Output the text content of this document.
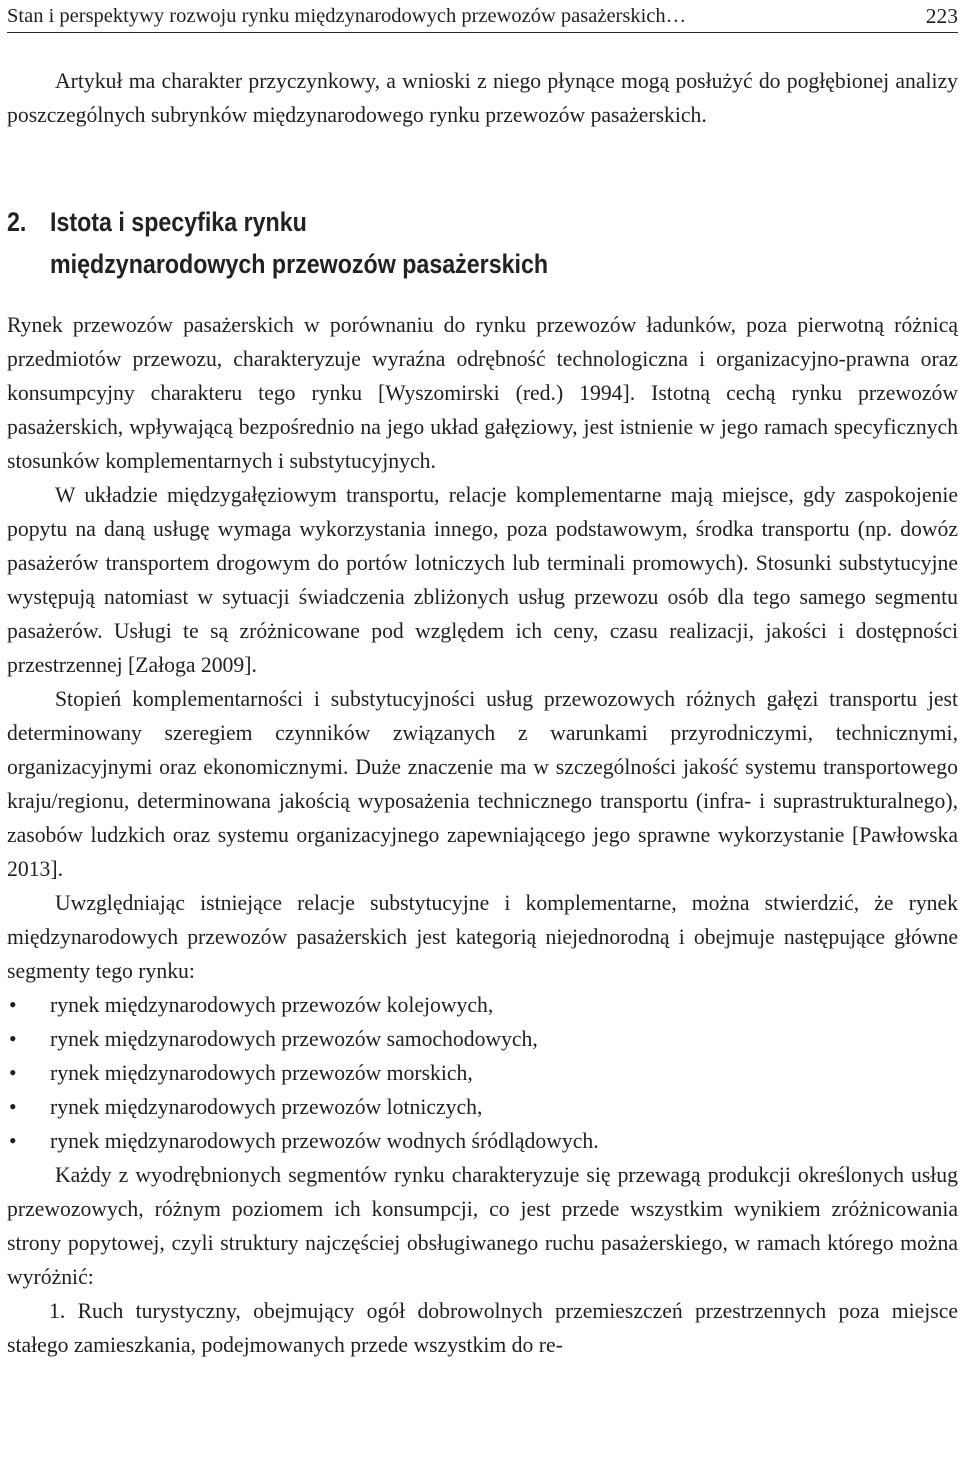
Stan i perspektywy rozwoju rynku międzynarodowych przewozów pasażerskich…	223

Artykuł ma charakter przyczynkowy, a wnioski z niego płynące mogą posłużyć do pogłębionej analizy poszczególnych subrynków międzynarodowego rynku przewozów pasażerskich.

2. Istota i specyfika rynku
międzynarodowych przewozów pasażerskich

Rynek przewozów pasażerskich w porównaniu do rynku przewozów ładunków, poza pierwotną różnicą przedmiotów przewozu, charakteryzuje wyraźna odrębność technologiczna i organizacyjno-prawna oraz konsumpcyjny charakteru tego rynku [Wyszomirski (red.) 1994]. Istotną cechą rynku przewozów pasażerskich, wpływającą bezpośrednio na jego układ gałęziowy, jest istnienie w jego ramach specyficznych stosunków komplementarnych i substytucyjnych.

W układzie międzygałęziowym transportu, relacje komplementarne mają miejsce, gdy zaspokojenie popytu na daną usługę wymaga wykorzystania innego, poza podstawowym, środka transportu (np. dowóz pasażerów transportem drogowym do portów lotniczych lub terminali promowych). Stosunki substytucyjne występują natomiast w sytuacji świadczenia zbliżonych usług przewozu osób dla tego samego segmentu pasażerów. Usługi te są zróżnicowane pod względem ich ceny, czasu realizacji, jakości i dostępności przestrzennej [Załoga 2009].

Stopień komplementarności i substytucyjności usług przewozowych różnych gałęzi transportu jest determinowany szeregiem czynników związanych z warunkami przyrodniczymi, technicznymi, organizacyjnymi oraz ekonomicznymi. Duże znaczenie ma w szczególności jakość systemu transportowego kraju/regionu, determinowana jakością wyposażenia technicznego transportu (infra- i suprastrukturalnego), zasobów ludzkich oraz systemu organizacyjnego zapewniającego jego sprawne wykorzystanie [Pawłowska 2013].

Uwzględniając istniejące relacje substytucyjne i komplementarne, można stwierdzić, że rynek międzynarodowych przewozów pasażerskich jest kategorią niejednorodną i obejmuje następujące główne segmenty tego rynku:

• rynek międzynarodowych przewozów kolejowych,
• rynek międzynarodowych przewozów samochodowych,
• rynek międzynarodowych przewozów morskich,
• rynek międzynarodowych przewozów lotniczych,
• rynek międzynarodowych przewozów wodnych śródlądowych.

Każdy z wyodrębnionych segmentów rynku charakteryzuje się przewagą produkcji określonych usług przewozowych, różnym poziomem ich konsumpcji, co jest przede wszystkim wynikiem zróżnicowania strony popytowej, czyli struktury najczęściej obsługiwanego ruchu pasażerskiego, w ramach którego można wyróżnić:

1. Ruch turystyczny, obejmujący ogół dobrowolnych przemieszczeń przestrzennych poza miejsce stałego zamieszkania, podejmowanych przede wszystkim do re-
